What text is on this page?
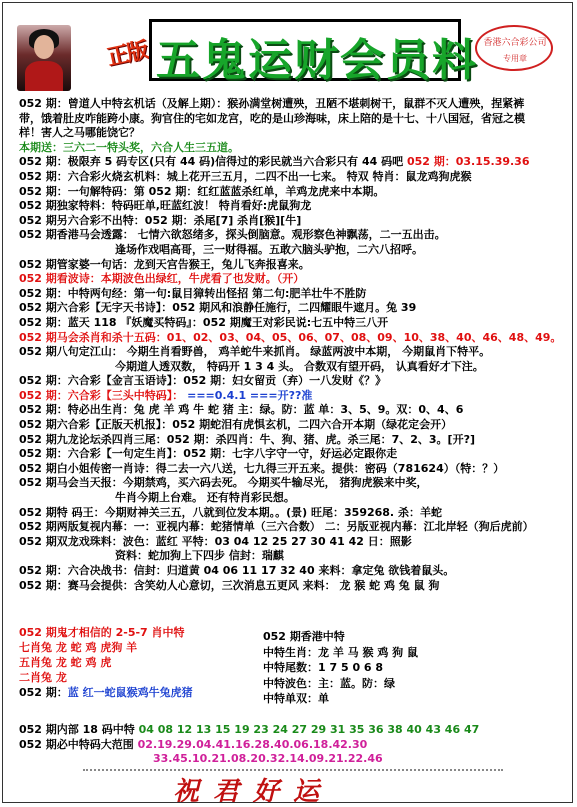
正版 五鬼运财会员料 香港六合彩公司
专用章
052 期：曾道人中特玄机话（及解上期）：猴孙满堂树遭殃，丑陋不堪刺树干，鼠群不灭人遭殃，捏紧裤
带，饿着肚皮咋能跨小康。狗官住的宅如龙宫，吃的是山珍海味，床上陪的是十七、十八国冠，省冠之模
样！害人之马哪能饶它？
本期送：三六二一特头奖，六合人生三五道。
052 期：极限弃 5 码专区(只有 44 码)信得过的彩民就当六合彩只有 44 码吧 052 期：03.15.39.36
052 期：六合彩火烧玄机料：城上花开三五月，二四不出一七来。 特双 特肖：鼠龙鸡狗虎猴
052 期：一句解特码：第 052 期：红红蓝蓝杀红单，羊鸡龙虎来中本期。
052 期独家特料：特码旺单,旺蓝红波！ 特肖看好:虎鼠狗龙
052 期另六合彩不出特：052 期：杀尾[7] 杀肖[猴][牛]
052 期香港马会透露： 七情六欲怒绪多，探头倒脑意。观形察色神飘荡，二一五出击。
逢场作戏唱高哥，三一财得福。五敢六脑头驴抱，二六八招呼。
052 期管家婆一句话：龙到天宫告猴王，兔儿飞奔报喜来。
052 期看波诗：本期波色出绿红，牛虎看了也发财。（开）
052 期：中特两句经：第一句:鼠目獐转出怪招 第二句:肥羊壮牛不胜防
052 期六合彩【无字天书诗】：052 期风和浪静任施行，二四耀眼牛遮月。兔 39
052 期：蓝天 118 『妖魔买特码』：052 期魔王对彩民说:七五中特三八开
052 期马会杀肖和杀十五码：01、02、03、04、05、06、07、08、09、10、38、40、46、48、49。
052 期八句定江山： 今期生肖看野兽， 鸡羊蛇牛来抓肖。 绿蓝两波中本期， 今期鼠肖下特平。
今期道人透双数， 特码开 1 3 4 头。 合数双有望开码， 认真看好才下注。
052 期：六合彩【金言玉语诗】：052 期：妇女留贡（弃）一八发财《？》
052 期：六合彩【三头中特码】： ===0.4.1 ===开??准
052 期：特必出生肖：兔 虎 羊 鸡 牛 蛇 猪 主：绿。防：蓝 单：3、5、9。双：0、4、6
052 期六合彩【正版天机报】：052 期蛇泪有虎惧玄机，二四六合开本期（绿花定会开）
052 期九龙论坛杀四肖三尾：052 期：杀四肖：牛、狗、猪、虎。杀三尾：7、2、3。[开?]
052 期：六合彩【一句定生肖】：052 期：七字八字守一守，好运必定跟你走
052 期白小姐传密一肖诗：得二去一六八送，七九得三开五来。提供：密码（781624）（特：？）
052 期马会当天报：今期禁鸡，买六码去死。 今期买牛输尽光， 猪狗虎猴来中奖，
牛肖今期上台难。 还有特肖彩民想。
052 期特 码王：今期财神关三五，八就到位发本期。。(景) 旺尾：359268. 杀：羊蛇
052 期两版复视内幕：一：亚视内幕：蛇猪情单（三六合数） 二：另版亚视内幕：江北岸轻（狗后虎前）
052 期双龙戏珠料：波色：蓝红 平特：03 04 12 25 27 30 41 42 日：照影
资料：蛇加狗上下四步 信封：瑞麒
052 期：六合决战书：信封：归道黄 04 06 11 17 32 40 来料：拿定兔 欲钱着鼠头。
052 期：赛马会提供：含笑幼人心意切，三次消息五更风 来料： 龙 猴 蛇 鸡 兔 鼠 狗
052 期鬼才相信的 2-5-7 肖中特
七肖兔 龙 蛇 鸡 虎狗 羊
五肖兔 龙 蛇 鸡 虎
二肖兔 龙
052 期：蓝 红一蛇鼠猴鸡牛兔虎猪
052 期香港中特
中特生肖：龙 羊 马 猴 鸡 狗 鼠
中特尾数：1 7 5 0 6 8
中特波色：主：蓝。防：绿
中特单双：单
052 期内部 18 码中特 04 08 12 13 15 19 23 24 27 29 31 35 36 38 40 43 46 47
052 期必中特码大范围 02.19.29.04.41.16.28.40.06.18.42.30
33.45.10.21.08.20.32.14.09.21.22.46
祝君好运
